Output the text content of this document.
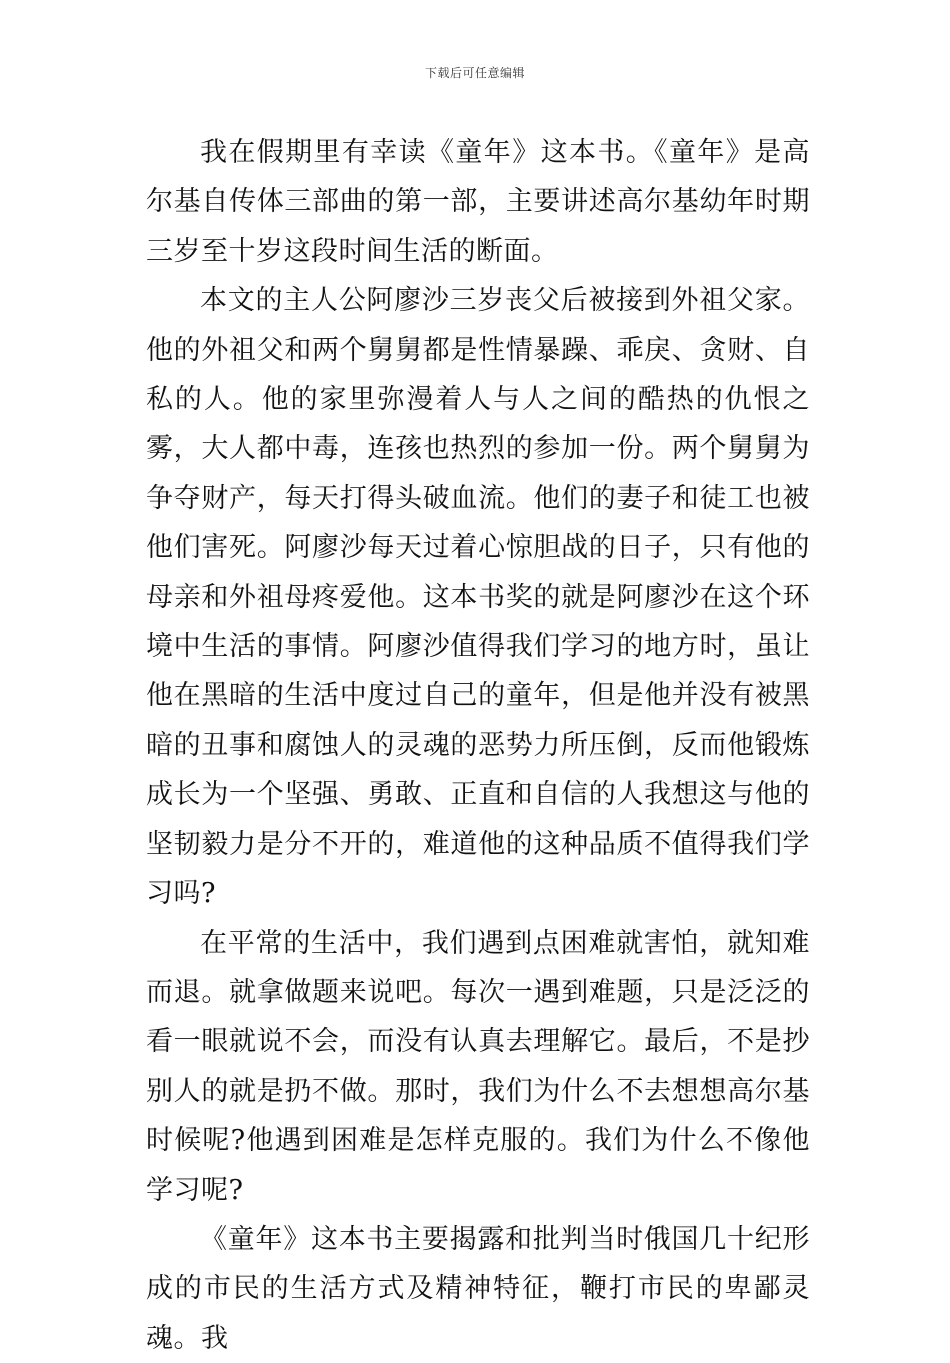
下载后可任意编辑

我在假期里有幸读《童年》这本书。《童年》是高尔基自传体三部曲的第一部，主要讲述高尔基幼年时期三岁至十岁这段时间生活的断面。

本文的主人公阿廖沙三岁丧父后被接到外祖父家。他的外祖父和两个舅舅都是性情暴躁、乖戾、贪财、自私的人。他的家里弥漫着人与人之间的酷热的仇恨之雾，大人都中毒，连孩也热烈的参加一份。两个舅舅为争夺财产，每天打得头破血流。他们的妻子和徒工也被他们害死。阿廖沙每天过着心惊胆战的日子，只有他的母亲和外祖母疼爱他。这本书奖的就是阿廖沙在这个环境中生活的事情。阿廖沙值得我们学习的地方时，虽让他在黑暗的生活中度过自己的童年，但是他并没有被黑暗的丑事和腐蚀人的灵魂的恶势力所压倒，反而他锻炼成长为一个坚强、勇敢、正直和自信的人我想这与他的坚韧毅力是分不开的，难道他的这种品质不值得我们学习吗?

在平常的生活中，我们遇到点困难就害怕，就知难而退。就拿做题来说吧。每次一遇到难题，只是泛泛的看一眼就说不会，而没有认真去理解它。最后，不是抄别人的就是扔不做。那时，我们为什么不去想想高尔基时候呢?他遇到困难是怎样克服的。我们为什么不像他学习呢?

《童年》这本书主要揭露和批判当时俄国几十纪形成的市民的生活方式及精神特征，鞭打市民的卑鄙灵魂。我
